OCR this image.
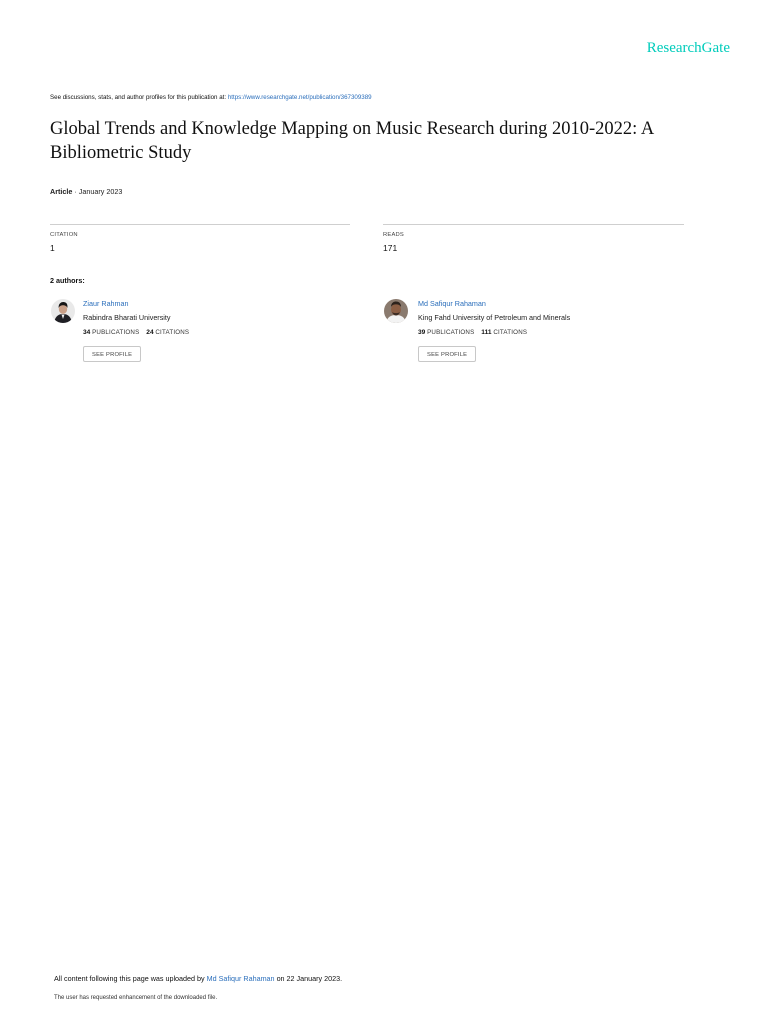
ResearchGate
See discussions, stats, and author profiles for this publication at: https://www.researchgate.net/publication/367309389
Global Trends and Knowledge Mapping on Music Research during 2010-2022: A Bibliometric Study
Article · January 2023
CITATION
1
READS
171
2 authors:
Ziaur Rahman
Rabindra Bharati University
34 PUBLICATIONS 24 CITATIONS
SEE PROFILE
Md Safiqur Rahaman
King Fahd University of Petroleum and Minerals
39 PUBLICATIONS 111 CITATIONS
SEE PROFILE
All content following this page was uploaded by Md Safiqur Rahaman on 22 January 2023.
The user has requested enhancement of the downloaded file.
